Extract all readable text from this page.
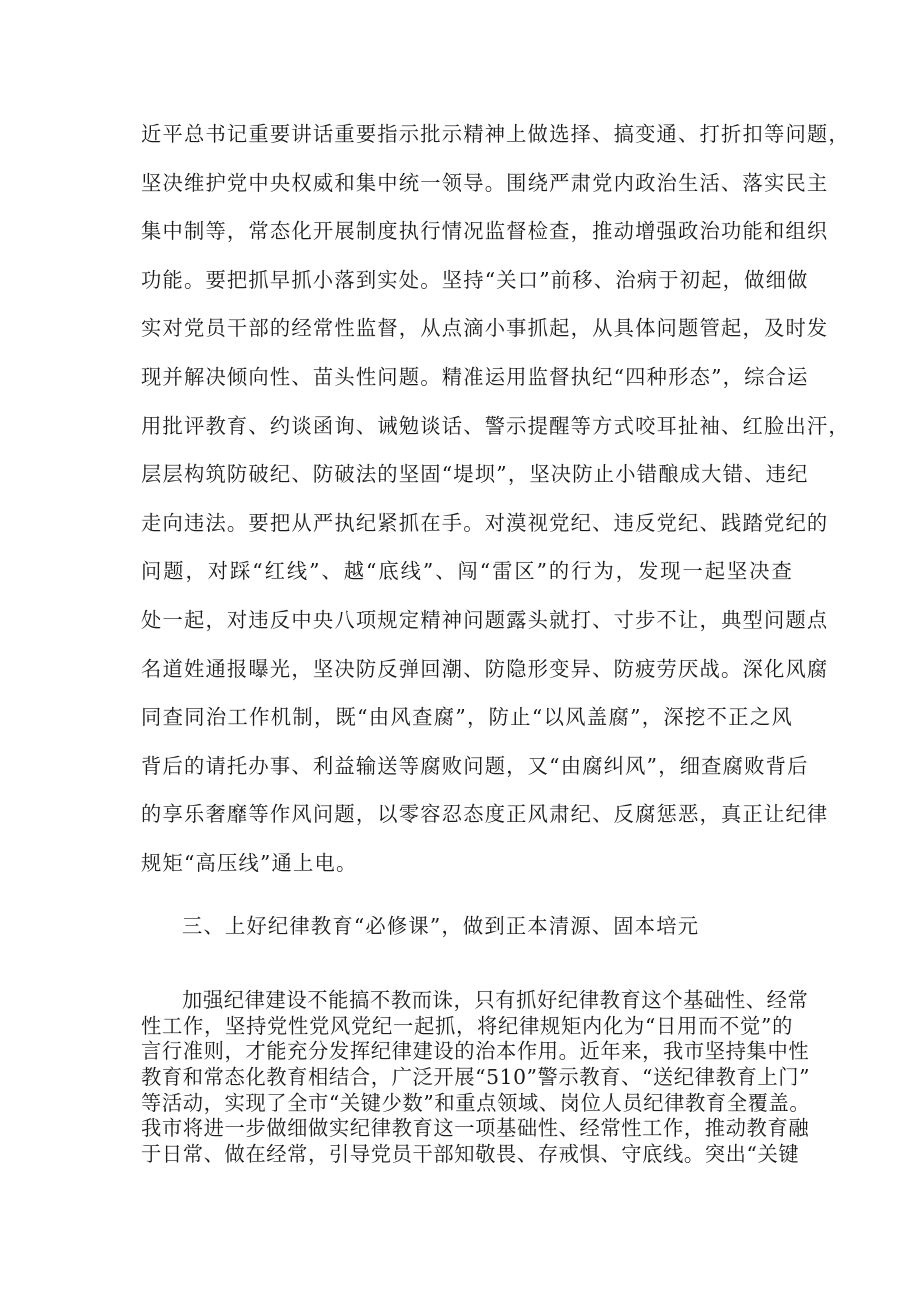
近平总书记重要讲话重要指示批示精神上做选择、搞变通、打折扣等问题，
坚决维护党中央权威和集中统一领导。围绕严肃党内政治生活、落实民主
集中制等，常态化开展制度执行情况监督检查，推动增强政治功能和组织
功能。要把抓早抓小落到实处。坚持“关口”前移、治病于初起，做细做
实对党员干部的经常性监督，从点滴小事抓起，从具体问题管起，及时发
现并解决倾向性、苗头性问题。精准运用监督执纪“四种形态”，综合运
用批评教育、约谈函询、诫勉谈话、警示提醒等方式咬耳扯袖、红脸出汗，
层层构筑防破纪、防破法的坚固“堤坝”，坚决防止小错酿成大错、违纪
走向违法。要把从严执纪紧抓在手。对漠视党纪、违反党纪、践踏党纪的
问题，对踩“红线”、越“底线”、闯“雷区”的行为，发现一起坚决查
处一起，对违反中央八项规定精神问题露头就打、寸步不让，典型问题点
名道姓通报曝光，坚决防反弹回潮、防隐形变异、防疲劳厌战。深化风腐
同查同治工作机制，既“由风查腐”，防止“以风盖腐”，深挖不正之风
背后的请托办事、利益输送等腐败问题，又“由腐纠风”，细查腐败背后
的享乐奢靡等作风问题，以零容忍态度正风肃纪、反腐惩恶，真正让纪律
规矩“高压线”通上电。
三、上好纪律教育“必修课”，做到正本清源、固本培元
加强纪律建设不能搞不教而诛，只有抓好纪律教育这个基础性、经常
性工作，坚持党性党风党纪一起抓，将纪律规矩内化为“日用而不觉”的
言行准则，才能充分发挥纪律建设的治本作用。近年来，我市坚持集中性
教育和常态化教育相结合，广泛开展“510”警示教育、“送纪律教育上门”
等活动，实现了全市“关键少数”和重点领域、岗位人员纪律教育全覆盖。
我市将进一步做细做实纪律教育这一项基础性、经常性工作，推动教育融
于日常、做在经常，引导党员干部知敬畏、存戒惧、守底线。突出“关键
